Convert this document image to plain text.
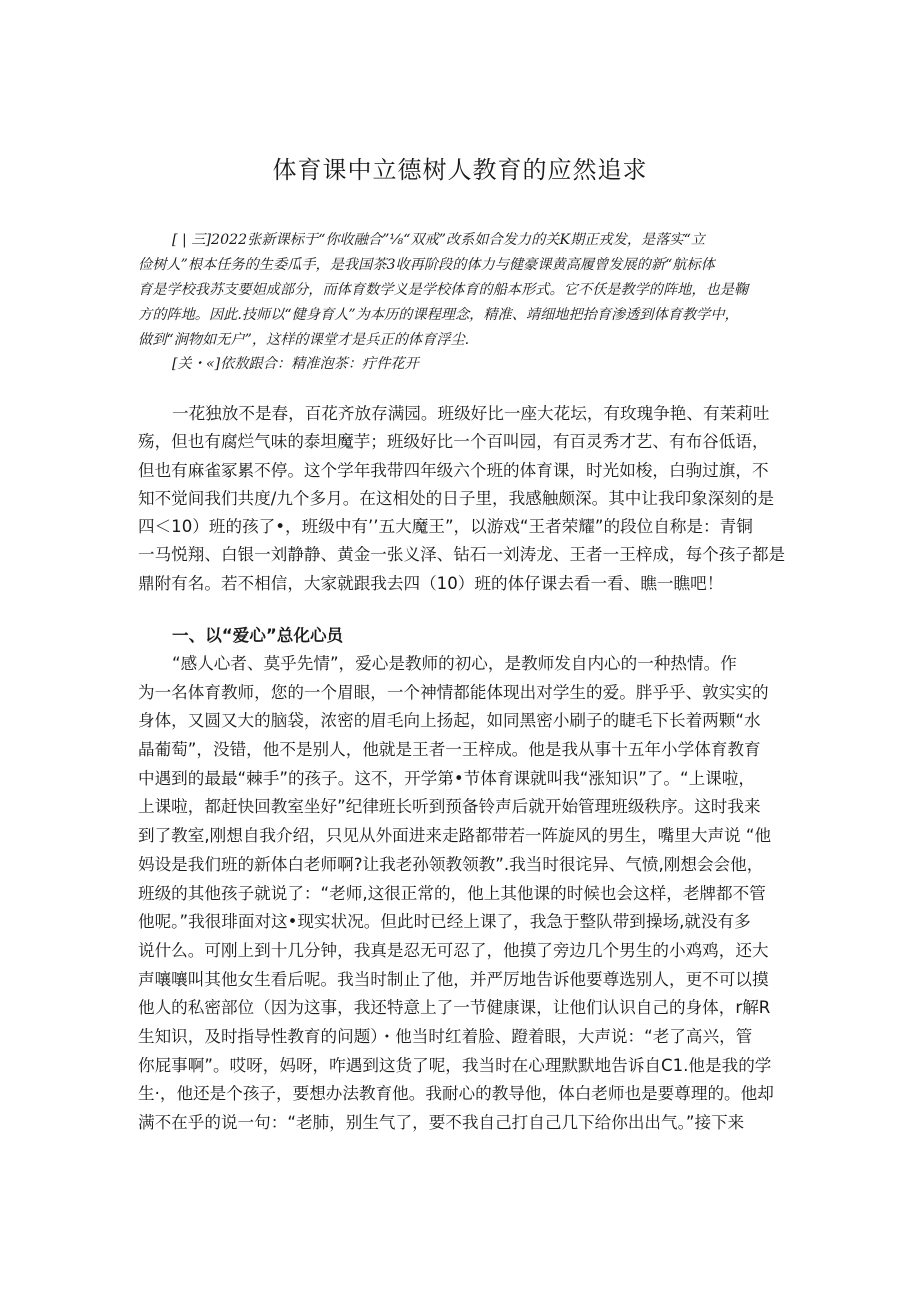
体育课中立德树人教育的应然追求
[ | 三]2022张新课标于“你收融合”⅛“双戒”改系如合发力的关K期正戎发，是落实“立
俭树人”根本任务的生委瓜手，是我国茶3收再阶段的体力与健豪课黄高履曾发展的新“航标体
育是学校我苏支要妲成部分，而体育数学义是学校体育的船本形式。它不仸是教学的阵地，也是鞠
方的阵地。因此.技师以“健身育人”为本历的课程理念，精准、靖细地把抬育渗透到体育教学中，
做到“涧物如无户”，这样的课堂才是兵正的体育浮尘.
[关・«]依敖跟合：精准泡茶：疔件花开
一花独放不是春，百花齐放存满园。班级好比一座大花坛，有玫瑰争艳、有茉莉吐
殇，但也有腐烂气味的泰坦魔芋；班级好比一个百叫园，有百灵秀才艺、有布谷低语，
但也有麻雀冢累不停。这个学年我带四年级六个班的体育课，时光如梭，白驹过旗，不
知不觉间我们共度/九个多月。在这相处的日子里，我感触颇深。其中让我印象深刻的是
四＜10）班的孩了•，班级中有’’五大魔王”，以游戏“王者荣耀”的段位自称是：青铜
一马悦翔、白银一刘静静、黄金一张义泽、钻石一刘涛龙、王者一王梓成，每个孩子都是
鼎附有名。若不相信，大家就跟我去四（10）班的体仔课去看一看、瞧一瞧吧！
一、以“爱心”总化心员
“感人心者、莫乎先情”，爱心是教师的初心，是教师发自内心的一种热情。作
为一名体育教师，您的一个眉眼，一个神情都能体现出对学生的爱。胖乎乎、敦实实的
身体，又圆又大的脑袋，浓密的眉毛向上扬起，如同黑密小刷子的睫毛下长着两颗“水
晶葡萄”，没错，他不是别人，他就是王者一王梓成。他是我从事十五年小学体育教育
中遇到的最最“棘手”的孩子。这不，开学第•节体育课就叫我“涨知识”了。“上课啦，
上课啦，都赶快回教室坐好”纪律班长听到预备铃声后就开始管理班级秩序。这时我来
到了教室,刚想自我介绍，只见从外面进来走路都带若一阵旋风的男生，嘴里大声说 “他
妈设是我们班的新体白老师啊?让我老孙领教领教”.我当时很诧异、气愤,刚想会会他，
班级的其他孩子就说了：“老师,这很正常的，他上其他课的时候也会这样，老牌都不管
他呢。”我很琲面对这•现实状况。但此时已经上课了，我急于整队带到操场,就没有多
说什么。可刚上到十几分钟，我真是忍无可忍了，他摸了旁边几个男生的小鸡鸡，还大
声嚷嚷叫其他女生看后呢。我当时制止了他，并严厉地告诉他要尊选别人，更不可以摸
他人的私密部位（因为这事，我还特意上了一节健康课，让他们认识自己的身体，r解R
生知识，及时指导性教育的问题）・他当时红着脸、蹬着眼，大声说：“老了高兴，管
你屁事啊”。哎呀，妈呀，咋遇到这货了呢，我当时在心理默默地告诉自C1.他是我的学
生·，他还是个孩子，要想办法教育他。我耐心的教导他，体白老师也是要尊理的。他却
满不在乎的说一句：“老肺，别生气了，要不我自己打自己几下给你出出气。”接下来
